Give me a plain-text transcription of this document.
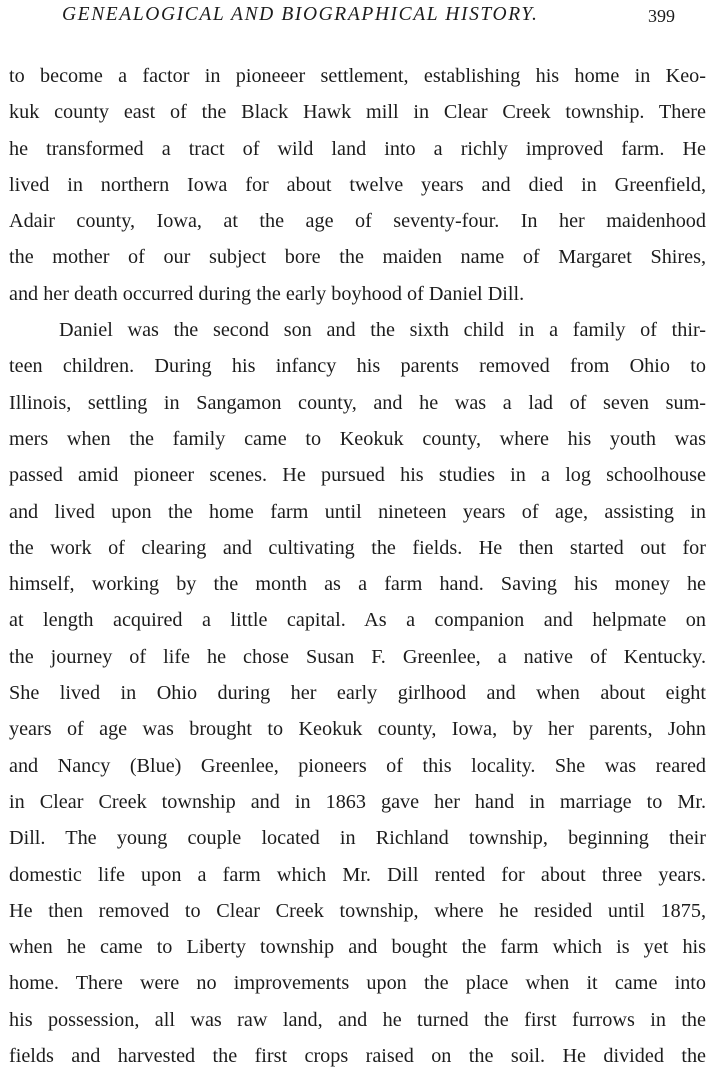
GENEALOGICAL AND BIOGRAPHICAL HISTORY.	399
to become a factor in pioneeer settlement, establishing his home in Keo-
kuk county east of the Black Hawk mill in Clear Creek township. There
he transformed a tract of wild land into a richly improved farm. He
lived in northern Iowa for about twelve years and died in Greenfield,
Adair county, Iowa, at the age of seventy-four. In her maidenhood
the mother of our subject bore the maiden name of Margaret Shires,
and her death occurred during the early boyhood of Daniel Dill.
Daniel was the second son and the sixth child in a family of thir-
teen children. During his infancy his parents removed from Ohio to
Illinois, settling in Sangamon county, and he was a lad of seven sum-
mers when the family came to Keokuk county, where his youth was
passed amid pioneer scenes. He pursued his studies in a log schoolhouse
and lived upon the home farm until nineteen years of age, assisting in
the work of clearing and cultivating the fields. He then started out for
himself, working by the month as a farm hand. Saving his money he
at length acquired a little capital. As a companion and helpmate on
the journey of life he chose Susan F. Greenlee, a native of Kentucky.
She lived in Ohio during her early girlhood and when about eight
years of age was brought to Keokuk county, Iowa, by her parents, John
and Nancy (Blue) Greenlee, pioneers of this locality. She was reared
in Clear Creek township and in 1863 gave her hand in marriage to Mr.
Dill. The young couple located in Richland township, beginning their
domestic life upon a farm which Mr. Dill rented for about three years.
He then removed to Clear Creek township, where he resided until 1875,
when he came to Liberty township and bought the farm which is yet his
home. There were no improvements upon the place when it came into
his possession, all was raw land, and he turned the first furrows in the
fields and harvested the first crops raised on the soil. He divided the
